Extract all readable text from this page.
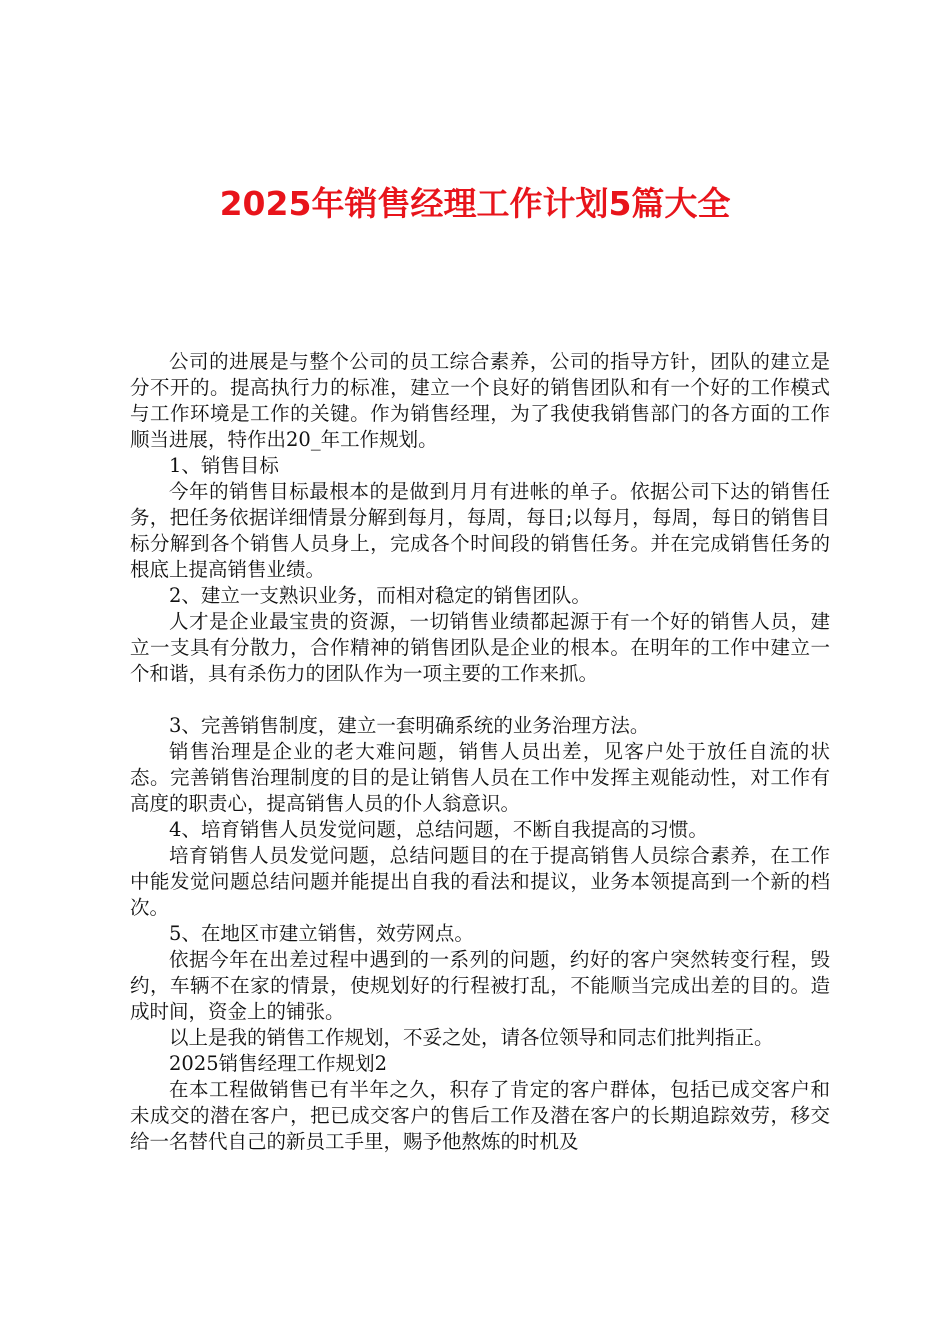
2025年销售经理工作计划5篇大全

公司的进展是与整个公司的员工综合素养，公司的指导方针，团队的建立是分不开的。提高执行力的标准，建立一个良好的销售团队和有一个好的工作模式与工作环境是工作的关键。作为销售经理，为了我使我销售部门的各方面的工作顺当进展，特作出20_年工作规划。

1、销售目标

今年的销售目标最根本的是做到月月有进帐的单子。依据公司下达的销售任务，把任务依据详细情景分解到每月，每周，每日;以每月，每周，每日的销售目标分解到各个销售人员身上，完成各个时间段的销售任务。并在完成销售任务的根底上提高销售业绩。

2、建立一支熟识业务，而相对稳定的销售团队。

人才是企业最宝贵的资源，一切销售业绩都起源于有一个好的销售人员，建立一支具有分散力，合作精神的销售团队是企业的根本。在明年的工作中建立一个和谐，具有杀伤力的团队作为一项主要的工作来抓。

3、完善销售制度，建立一套明确系统的业务治理方法。

销售治理是企业的老大难问题，销售人员出差，见客户处于放任自流的状态。完善销售治理制度的目的是让销售人员在工作中发挥主观能动性，对工作有高度的职责心，提高销售人员的仆人翁意识。

4、培育销售人员发觉问题，总结问题，不断自我提高的习惯。

培育销售人员发觉问题，总结问题目的在于提高销售人员综合素养，在工作中能发觉问题总结问题并能提出自我的看法和提议，业务本领提高到一个新的档次。

5、在地区市建立销售，效劳网点。

依据今年在出差过程中遇到的一系列的问题，约好的客户突然转变行程，毁约，车辆不在家的情景，使规划好的行程被打乱，不能顺当完成出差的目的。造成时间，资金上的铺张。

以上是我的销售工作规划，不妥之处，请各位领导和同志们批判指正。

2025销售经理工作规划2

在本工程做销售已有半年之久，积存了肯定的客户群体，包括已成交客户和未成交的潜在客户，把已成交客户的售后工作及潜在客户的长期追踪效劳，移交给一名替代自己的新员工手里，赐予他熬炼的时机及
